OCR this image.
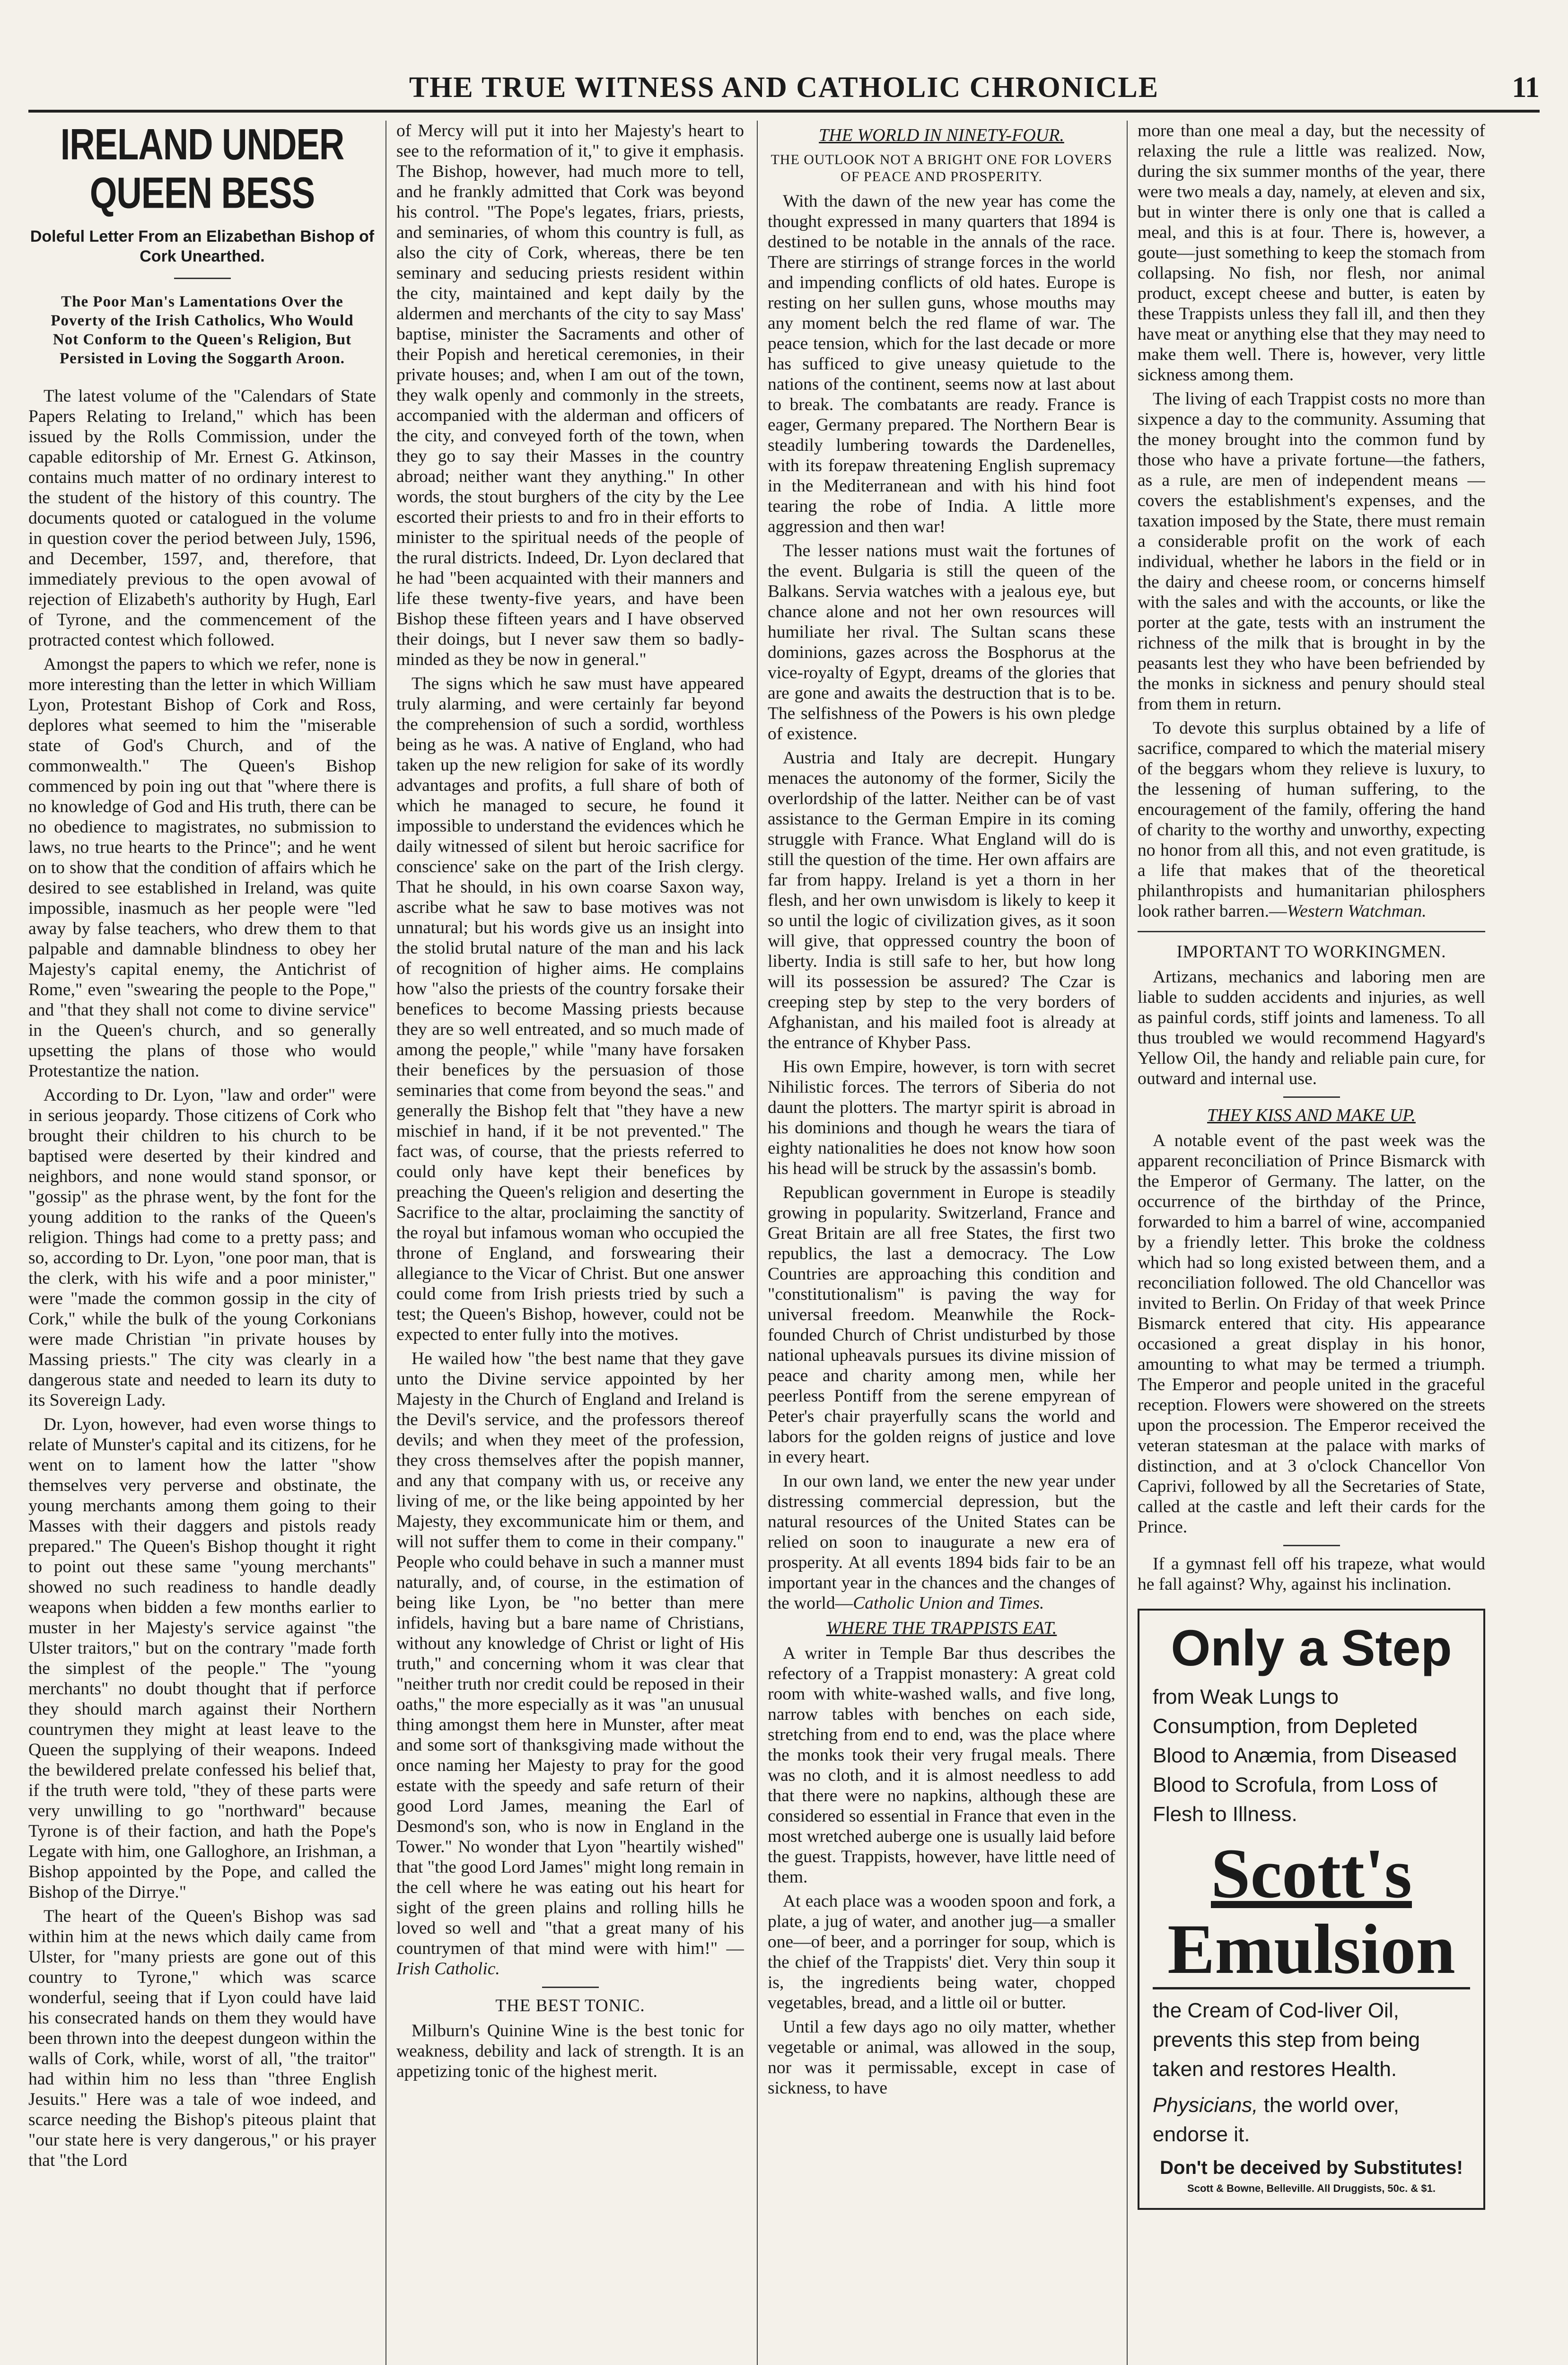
THE TRUE WITNESS AND CATHOLIC CHRONICLE	11
IRELAND UNDER QUEEN BESS
Doleful Letter From an Elizabethan Bishop of Cork Unearthed.
The Poor Man's Lamentations Over the Poverty of the Irish Catholics, Who Would Not Conform to the Queen's Religion, But Persisted in Loving the Soggarth Aroon.

The latest volume of the "Calendars of State Papers Relating to Ireland," which has been issued by the Rolls Commission, under the capable editorship of Mr. Ernest G. Atkinson, contains much matter of no ordinary interest to the student of the history of this country. The documents quoted or catalogued in the volume in question cover the period between July, 1596, and December, 1597, and, therefore, that immediately previous to the open avowal of rejection of Elizabeth's authority by Hugh, Earl of Tyrone, and the commencement of the protracted contest which followed.

Amongst the papers to which we refer, none is more interesting than the letter in which William Lyon, Protestant Bishop of Cork and Ross, deplores what seemed to him the "miserable state of God's Church, and of the commonwealth." The Queen's Bishop commenced by poin ing out that "where there is no knowledge of God and His truth, there can be no obedience to magistrates, no submission to laws, no true hearts to the Prince"; and he went on to show that the condition of affairs which he desired to see established in Ireland, was quite impossible, inasmuch as her people were "led away by false teachers, who drew them to that palpable and damnable blindness to obey her Majesty's capital enemy, the Antichrist of Rome," even "swearing the people to the Pope," and "that they shall not come to divine service" in the Queen's church, and so generally upsetting the plans of those who would Protestantize the nation.

According to Dr. Lyon, "law and order" were in serious jeopardy. Those citizens of Cork who brought their children to his church to be baptised were deserted by their kindred and neighbors, and none would stand sponsor, or "gossip" as the phrase went, by the font for the young addition to the ranks of the Queen's religion. Things had come to a pretty pass; and so, according to Dr. Lyon, "one poor man, that is the clerk, with his wife and a poor minister," were "made the common gossip in the city of Cork," while the bulk of the young Corkonians were made Christian "in private houses by Massing priests." The city was clearly in a dangerous state and needed to learn its duty to its Sovereign Lady.

Dr. Lyon, however, had even worse things to relate of Munster's capital and its citizens, for he went on to lament how the latter "show themselves very perverse and obstinate, the young merchants among them going to their Masses with their daggers and pistols ready prepared." The Queen's Bishop thought it right to point out these same "young merchants" showed no such readiness to handle deadly weapons when bidden a few months earlier to muster in her Majesty's service against "the Ulster traitors," but on the contrary "made forth the simplest of the people." The "young merchants" no doubt thought that if perforce they should march against their Northern countrymen they might at least leave to the Queen the supplying of their weapons. Indeed the bewildered prelate confessed his belief that, if the truth were told, "they of these parts were very unwilling to go "northward" because Tyrone is of their faction, and hath the Pope's Legate with him, one Galloghore, an Irishman, a Bishop appointed by the Pope, and called the Bishop of the Dirrye."

The heart of the Queen's Bishop was sad within him at the news which daily came from Ulster, for "many priests are gone out of this country to Tyrone," which was scarce wonderful, seeing that if Lyon could have laid his consecrated hands on them they would have been thrown into the deepest dungeon within the walls of Cork, while, worst of all, "the traitor" had within him no less than "three English Jesuits." Here was a tale of woe indeed, and scarce needing the Bishop's piteous plaint that "our state here is very dangerous," or his prayer that "the Lord

of Mercy will put it into her Majesty's heart to see to the reformation of it," to give it emphasis. The Bishop, however, had much more to tell, and he frankly admitted that Cork was beyond his control. "The Pope's legates, friars, priests, and seminaries, of whom this country is full, as also the city of Cork, whereas, there be ten seminary and seducing priests resident within the city, maintained and kept daily by the aldermen and merchants of the city to say Mass' baptise, minister the Sacraments and other of their Popish and heretical ceremonies, in their private houses; and, when I am out of the town, they walk openly and commonly in the streets, accompanied with the alderman and officers of the city, and conveyed forth of the town, when they go to say their Masses in the country abroad; neither want they anything." In other words, the stout burghers of the city by the Lee escorted their priests to and fro in their efforts to minister to the spiritual needs of the people of the rural districts. Indeed, Dr. Lyon declared that he had "been acquainted with their manners and life these twenty-five years, and have been Bishop these fifteen years and I have observed their doings, but I never saw them so badly-minded as they be now in general."

The signs which he saw must have appeared truly alarming, and were certainly far beyond the comprehension of such a sordid, worthless being as he was. A native of England, who had taken up the new religion for sake of its wordly advantages and profits, a full share of both of which he managed to secure, he found it impossible to understand the evidences which he daily witnessed of silent but heroic sacrifice for conscience' sake on the part of the Irish clergy. That he should, in his own coarse Saxon way, ascribe what he saw to base motives was not unnatural; but his words give us an insight into the stolid brutal nature of the man and his lack of recognition of higher aims. He complains how "also the priests of the country forsake their benefices to become Massing priests because they are so well entreated, and so much made of among the people," while "many have forsaken their benefices by the persuasion of those seminaries that come from beyond the seas." and generally the Bishop felt that "they have a new mischief in hand, if it be not prevented." The fact was, of course, that the priests referred to could only have kept their benefices by preaching the Queen's religion and deserting the Sacrifice to the altar, proclaiming the sanctity of the royal but infamous woman who occupied the throne of England, and forswearing their allegiance to the Vicar of Christ. But one answer could come from Irish priests tried by such a test; the Queen's Bishop, however, could not be expected to enter fully into the motives.

He wailed how "the best name that they gave unto the Divine service appointed by her Majesty in the Church of England and Ireland is the Devil's service, and the professors thereof devils; and when they meet of the profession, they cross themselves after the popish manner, and any that company with us, or receive any living of me, or the like being appointed by her Majesty, they excommunicate him or them, and will not suffer them to come in their company." People who could behave in such a manner must naturally, and, of course, in the estimation of being like Lyon, be "no better than mere infidels, having but a bare name of Christians, without any knowledge of Christ or light of His truth," and concerning whom it was clear that "neither truth nor credit could be reposed in their oaths," the more especially as it was "an unusual thing amongst them here in Munster, after meat and some sort of thanksgiving made without the once naming her Majesty to pray for the good estate with the speedy and safe return of their good Lord James, meaning the Earl of Desmond's son, who is now in England in the Tower." No wonder that Lyon "heartily wished" that "the good Lord James" might long remain in the cell where he was eating out his heart for sight of the green plains and rolling hills he loved so well and "that a great many of his countrymen of that mind were with him!" — Irish Catholic.

THE BEST TONIC.

Milburn's Quinine Wine is the best tonic for weakness, debility and lack of strength. It is an appetizing tonic of the highest merit.

THE WORLD IN NINETY-FOUR.
THE OUTLOOK NOT A BRIGHT ONE FOR LOVERS OF PEACE AND PROSPERITY.

With the dawn of the new year has come the thought expressed in many quarters that 1894 is destined to be notable in the annals of the race. There are stirrings of strange forces in the world and impending conflicts of old hates. Europe is resting on her sullen guns, whose mouths may any moment belch the red flame of war. The peace tension, which for the last decade or more has sufficed to give uneasy quietude to the nations of the continent, seems now at last about to break. The combatants are ready. France is eager, Germany prepared. The Northern Bear is steadily lumbering towards the Dardenelles, with its forepaw threatening English supremacy in the Mediterranean and with his hind foot tearing the robe of India. A little more aggression and then war!

The lesser nations must wait the fortunes of the event. Bulgaria is still the queen of the Balkans. Servia watches with a jealous eye, but chance alone and not her own resources will humiliate her rival. The Sultan scans these dominions, gazes across the Bosphorus at the vice-royalty of Egypt, dreams of the glories that are gone and awaits the destruction that is to be. The selfishness of the Powers is his own pledge of existence.

Austria and Italy are decrepit. Hungary menaces the autonomy of the former, Sicily the overlordship of the latter. Neither can be of vast assistance to the German Empire in its coming struggle with France. What England will do is still the question of the time. Her own affairs are far from happy. Ireland is yet a thorn in her flesh, and her own unwisdom is likely to keep it so until the logic of civilization gives, as it soon will give, that oppressed country the boon of liberty. India is still safe to her, but how long will its possession be assured? The Czar is creeping step by step to the very borders of Afghanistan, and his mailed foot is already at the entrance of Khyber Pass.

His own Empire, however, is torn with secret Nihilistic forces. The terrors of Siberia do not daunt the plotters. The martyr spirit is abroad in his dominions and though he wears the tiara of eighty nationalities he does not know how soon his head will be struck by the assassin's bomb.

Republican government in Europe is steadily growing in popularity. Switzerland, France and Great Britain are all free States, the first two republics, the last a democracy. The Low Countries are approaching this condition and "constitutionalism" is paving the way for universal freedom. Meanwhile the Rock-founded Church of Christ undisturbed by those national upheavals pursues its divine mission of peace and charity among men, while her peerless Pontiff from the serene empyrean of Peter's chair prayerfully scans the world and labors for the golden reigns of justice and love in every heart.

In our own land, we enter the new year under distressing commercial depression, but the natural resources of the United States can be relied on soon to inaugurate a new era of prosperity. At all events 1894 bids fair to be an important year in the chances and the changes of the world—Catholic Union and Times.

WHERE THE TRAPPISTS EAT.

A writer in Temple Bar thus describes the refectory of a Trappist monastery: A great cold room with white-washed walls, and five long, narrow tables with benches on each side, stretching from end to end, was the place where the monks took their very frugal meals. There was no cloth, and it is almost needless to add that there were no napkins, although these are considered so essential in France that even in the most wretched auberge one is usually laid before the guest. Trappists, however, have little need of them.

At each place was a wooden spoon and fork, a plate, a jug of water, and another jug—a smaller one—of beer, and a porringer for soup, which is the chief of the Trappists' diet. Very thin soup it is, the ingredients being water, chopped vegetables, bread, and a little oil or butter.

Until a few days ago no oily matter, whether vegetable or animal, was allowed in the soup, nor was it permissable, except in case of sickness, to have

more than one meal a day, but the necessity of relaxing the rule a little was realized. Now, during the six summer months of the year, there were two meals a day, namely, at eleven and six, but in winter there is only one that is called a meal, and this is at four. There is, however, a goute—just something to keep the stomach from collapsing. No fish, nor flesh, nor animal product, except cheese and butter, is eaten by these Trappists unless they fall ill, and then they have meat or anything else that they may need to make them well. There is, however, very little sickness among them.

The living of each Trappist costs no more than sixpence a day to the community. Assuming that the money brought into the common fund by those who have a private fortune—the fathers, as a rule, are men of independent means —covers the establishment's expenses, and the taxation imposed by the State, there must remain a considerable profit on the work of each individual, whether he labors in the field or in the dairy and cheese room, or concerns himself with the sales and with the accounts, or like the porter at the gate, tests with an instrument the richness of the milk that is brought in by the peasants lest they who have been befriended by the monks in sickness and penury should steal from them in return.

To devote this surplus obtained by a life of sacrifice, compared to which the material misery of the beggars whom they relieve is luxury, to the lessening of human suffering, to the encouragement of the family, offering the hand of charity to the worthy and unworthy, expecting no honor from all this, and not even gratitude, is a life that makes that of the theoretical philanthropists and humanitarian philosphers look rather barren.—Western Watchman.

IMPORTANT TO WORKINGMEN.

Artizans, mechanics and laboring men are liable to sudden accidents and injuries, as well as painful cords, stiff joints and lameness. To all thus troubled we would recommend Hagyard's Yellow Oil, the handy and reliable pain cure, for outward and internal use.

THEY KISS AND MAKE UP.

A notable event of the past week was the apparent reconciliation of Prince Bismarck with the Emperor of Germany. The latter, on the occurrence of the birthday of the Prince, forwarded to him a barrel of wine, accompanied by a friendly letter. This broke the coldness which had so long existed between them, and a reconciliation followed. The old Chancellor was invited to Berlin. On Friday of that week Prince Bismarck entered that city. His appearance occasioned a great display in his honor, amounting to what may be termed a triumph. The Emperor and people united in the graceful reception. Flowers were showered on the streets upon the procession. The Emperor received the veteran statesman at the palace with marks of distinction, and at 3 o'clock Chancellor Von Caprivi, followed by all the Secretaries of State, called at the castle and left their cards for the Prince.

If a gymnast fell off his trapeze, what would he fall against? Why, against his inclination.

Only a Step
from Weak Lungs to Consumption, from Depleted Blood to Anæmia, from Diseased Blood to Scrofula, from Loss of Flesh to Illness.
Scott's
Emulsion
the Cream of Cod-liver Oil, prevents this step from being taken and restores Health.
Physicians, the world over, endorse it.
Don't be deceived by Substitutes!
Scott & Bowne, Belleville. All Druggists, 50c. & $1.
